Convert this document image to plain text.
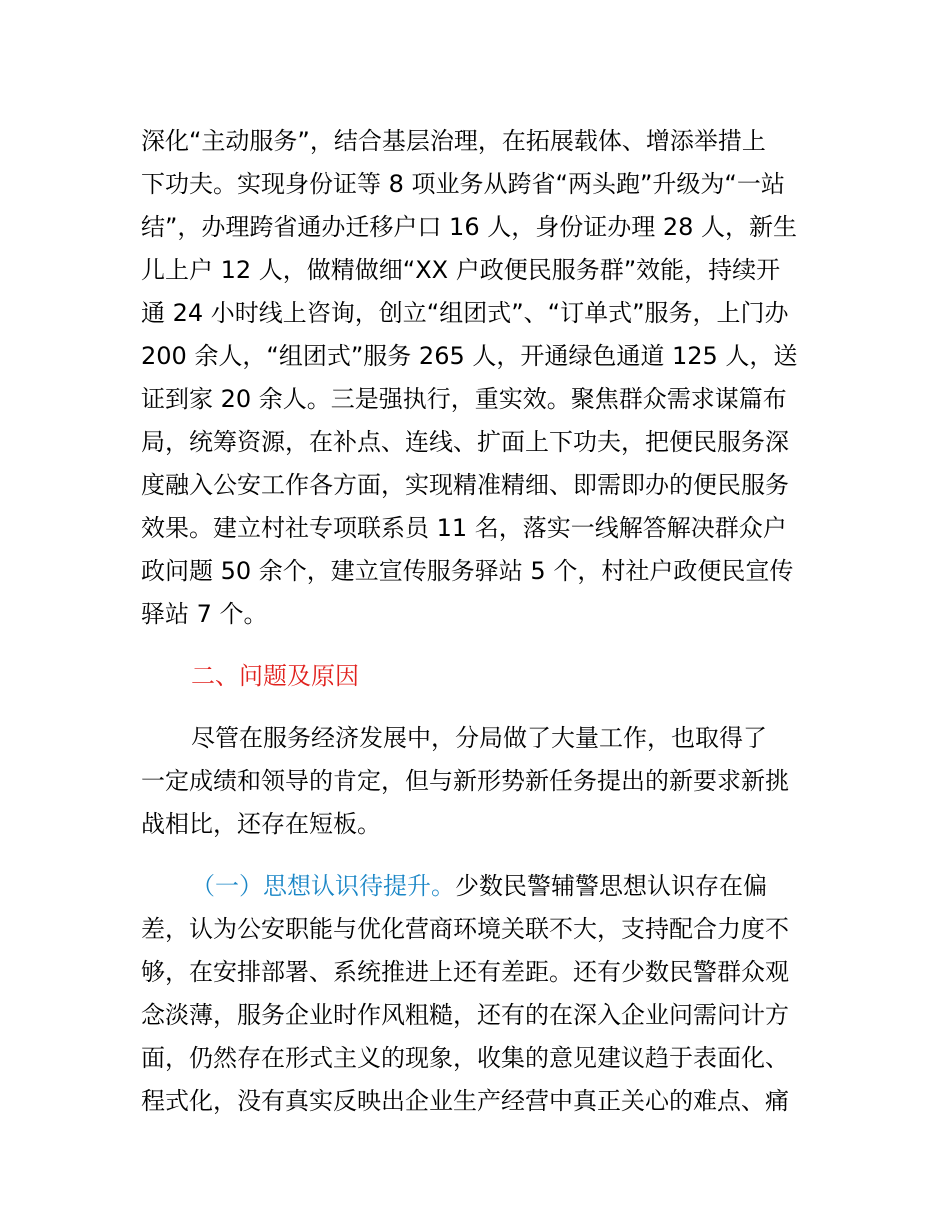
深化“主动服务”，结合基层治理，在拓展载体、增添举措上

下功夫。实现身份证等 8 项业务从跨省“两头跑”升级为“一站

结”，办理跨省通办迁移户口 16 人，身份证办理 28 人，新生

儿上户 12 人，做精做细“XX 户政便民服务群”效能，持续开

通 24 小时线上咨询，创立“组团式”、“订单式”服务，上门办

200 余人，“组团式”服务 265 人，开通绿色通道 125 人，送

证到家 20 余人。三是强执行，重实效。聚焦群众需求谋篇布

局，统筹资源，在补点、连线、扩面上下功夫，把便民服务深

度融入公安工作各方面，实现精准精细、即需即办的便民服务

效果。建立村社专项联系员 11 名，落实一线解答解决群众户

政问题 50 余个，建立宣传服务驿站 5 个，村社户政便民宣传

驿站 7 个。

二、问题及原因

尽管在服务经济发展中，分局做了大量工作，也取得了

一定成绩和领导的肯定，但与新形势新任务提出的新要求新挑

战相比，还存在短板。

（一）思想认识待提升。少数民警辅警思想认识存在偏

差，认为公安职能与优化营商环境关联不大，支持配合力度不

够，在安排部署、系统推进上还有差距。还有少数民警群众观

念淡薄，服务企业时作风粗糙，还有的在深入企业问需问计方

面，仍然存在形式主义的现象，收集的意见建议趋于表面化、

程式化，没有真实反映出企业生产经营中真正关心的难点、痛
